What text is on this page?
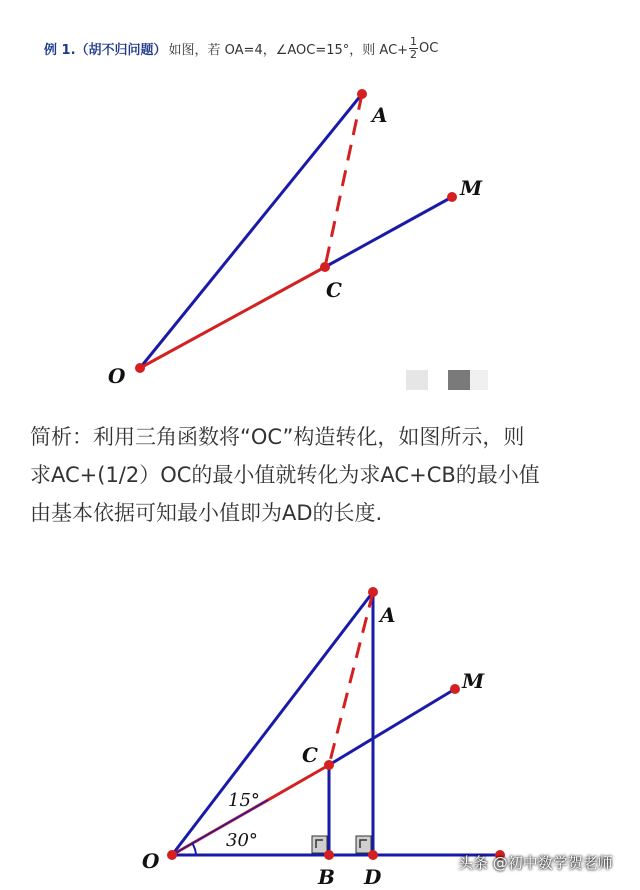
例 1.（胡不归问题） 如图，若 OA=4，∠AOC=15°，则 $AC+ \frac{1}{2}$ OC
O
A
C
M

简析：利用三角函数将“OC”构造转化，如图所示，则

求AC+(1/2）OC的最小值就转化为求AC+CB的最小值

由基本依据可知最小值即为AD的长度.

O
A
C
M
B D
15°
30°
头条 @初中数学贺老师
